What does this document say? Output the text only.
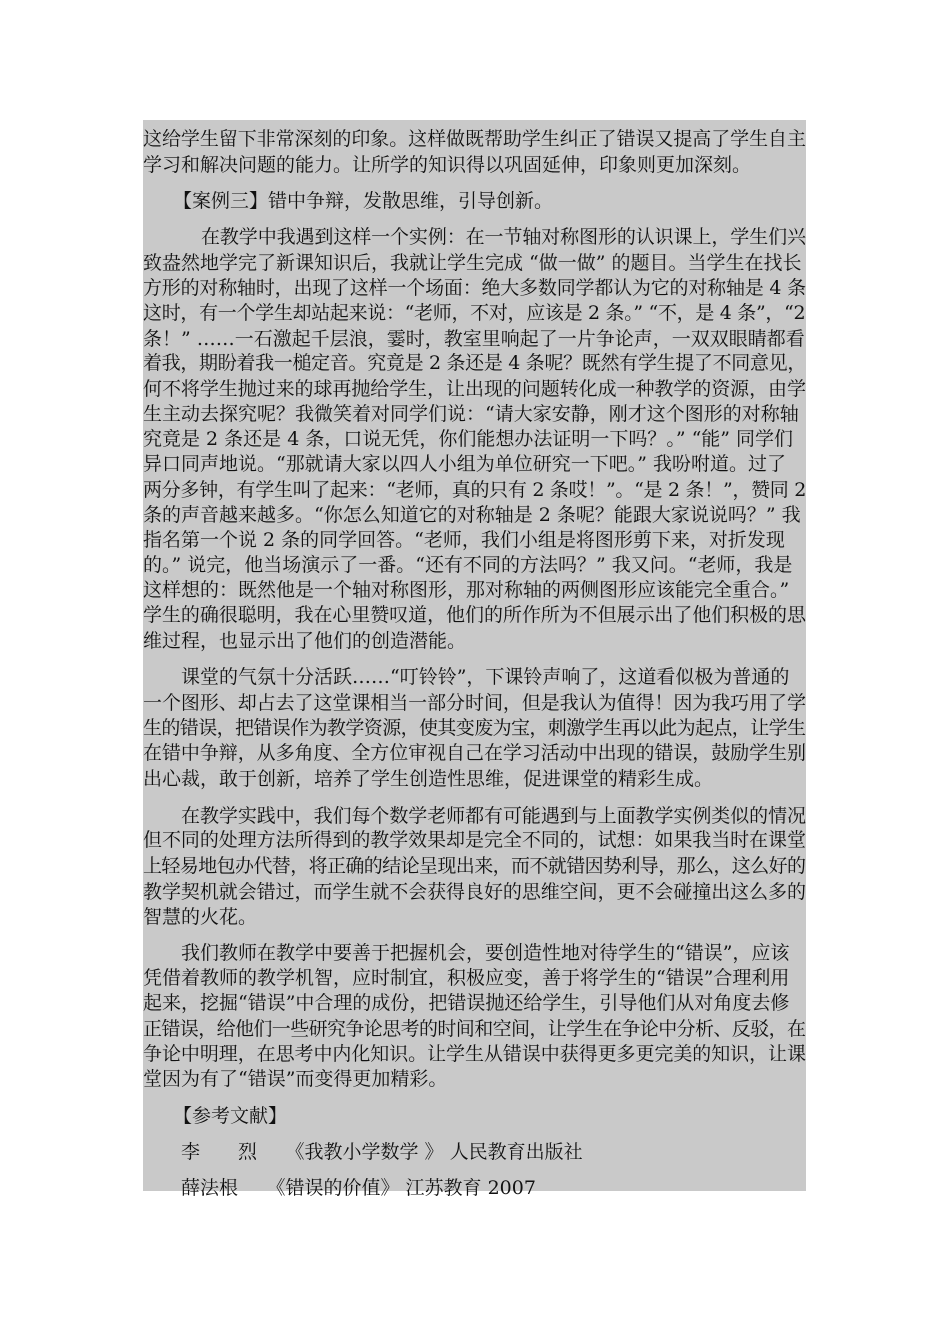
这给学生留下非常深刻的印象。这样做既帮助学生纠正了错误又提高了学生自主
学习和解决问题的能力。让所学的知识得以巩固延伸，印象则更加深刻。
【案例三】错中争辩，发散思维，引导创新。
在教学中我遇到这样一个实例：在一节轴对称图形的认识课上，学生们兴
致盎然地学完了新课知识后，我就让学生完成 “做一做” 的题目。当学生在找长
方形的对称轴时，出现了这样一个场面：绝大多数同学都认为它的对称轴是 4 条
这时，有一个学生却站起来说：“老师，不对，应该是 2 条。” “不，是 4 条”，“2
条！” ……一石激起千层浪，霎时，教室里响起了一片争论声，一双双眼睛都看
着我，期盼着我一槌定音。究竟是 2 条还是 4 条呢？既然有学生提了不同意见，
何不将学生抛过来的球再抛给学生，让出现的问题转化成一种教学的资源，由学
生主动去探究呢？我微笑着对同学们说：“请大家安静，刚才这个图形的对称轴
究竟是 2 条还是 4 条，口说无凭，你们能想办法证明一下吗？。” “能” 同学们
异口同声地说。“那就请大家以四人小组为单位研究一下吧。” 我吩咐道。过了
两分多钟，有学生叫了起来：“老师，真的只有 2 条哎！”。“是 2 条！”，赞同 2
条的声音越来越多。“你怎么知道它的对称轴是 2 条呢？能跟大家说说吗？” 我
指名第一个说 2 条的同学回答。“老师，我们小组是将图形剪下来，对折发现
的。” 说完，他当场演示了一番。“还有不同的方法吗？” 我又问。“老师，我是
这样想的：既然他是一个轴对称图形，那对称轴的两侧图形应该能完全重合。”
学生的确很聪明，我在心里赞叹道，他们的所作所为不但展示出了他们积极的思
维过程，也显示出了他们的创造潜能。
课堂的气氛十分活跃……“叮铃铃”，下课铃声响了，这道看似极为普通的
一个图形、却占去了这堂课相当一部分时间，但是我认为值得！因为我巧用了学
生的错误，把错误作为教学资源，使其变废为宝，刺激学生再以此为起点，让学生
在错中争辩，从多角度、全方位审视自己在学习活动中出现的错误，鼓励学生别
出心裁，敢于创新，培养了学生创造性思维，促进课堂的精彩生成。
在教学实践中，我们每个数学老师都有可能遇到与上面教学实例类似的情况
但不同的处理方法所得到的教学效果却是完全不同的，试想：如果我当时在课堂
上轻易地包办代替，将正确的结论呈现出来，而不就错因势利导，那么，这么好的
教学契机就会错过，而学生就不会获得良好的思维空间，更不会碰撞出这么多的
智慧的火花。
我们教师在教学中要善于把握机会，要创造性地对待学生的“错误”，应该
凭借着教师的教学机智，应时制宜，积极应变，善于将学生的“错误”合理利用
起来，挖掘“错误”中合理的成份，把错误抛还给学生，引导他们从对角度去修
正错误，给他们一些研究争论思考的时间和空间，让学生在争论中分析、反驳，在
争论中明理，在思考中内化知识。让学生从错误中获得更多更完美的知识，让课
堂因为有了“错误”而变得更加精彩。
【参考文献】
李　　烈　　《我教小学数学 》 人民教育出版社
薛法根　　《错误的价值》 江苏教育 2007
